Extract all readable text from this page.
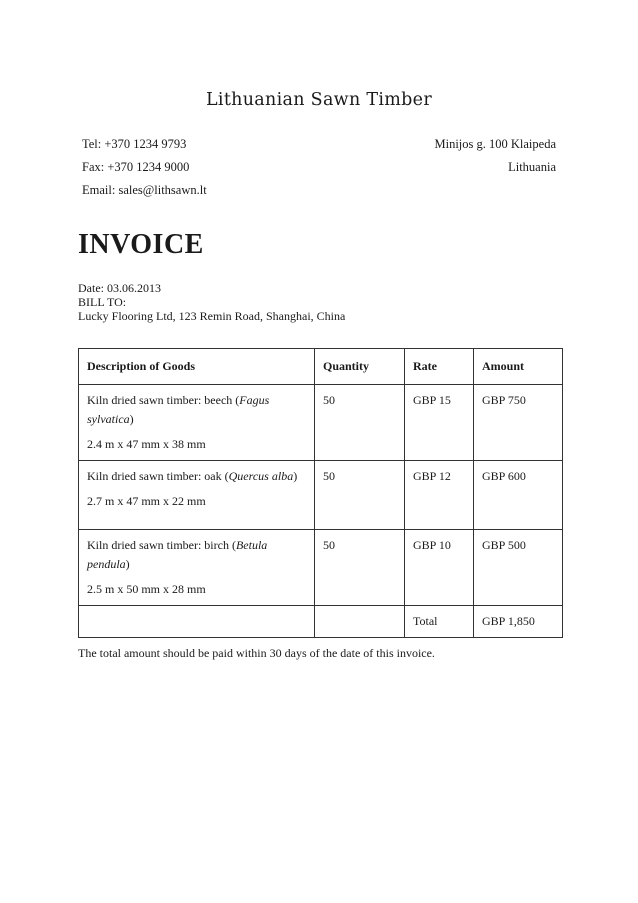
Lithuanian Sawn Timber
Tel: +370 1234 9793
Fax: +370 1234 9000
Email: sales@lithsawn.lt
Minijos g. 100 Klaipeda
Lithuania
INVOICE
Date: 03.06.2013
BILL TO:
Lucky Flooring Ltd, 123 Remin Road, Shanghai, China
Description of Goods	Quantity	Rate	Amount

Kiln dried sawn timber: beech (Fagus sylvatica)
2.4 m x 47 mm x 38 mm	50	GBP 15	GBP 750

Kiln dried sawn timber: oak (Quercus alba)
2.7 m x 47 mm x 22 mm	50	GBP 12	GBP 600

Kiln dried sawn timber: birch (Betula pendula)
2.5 m x 50 mm x 28 mm	50	GBP 10	GBP 500
		Total	GBP 1,850
The total amount should be paid within 30 days of the date of this invoice.
